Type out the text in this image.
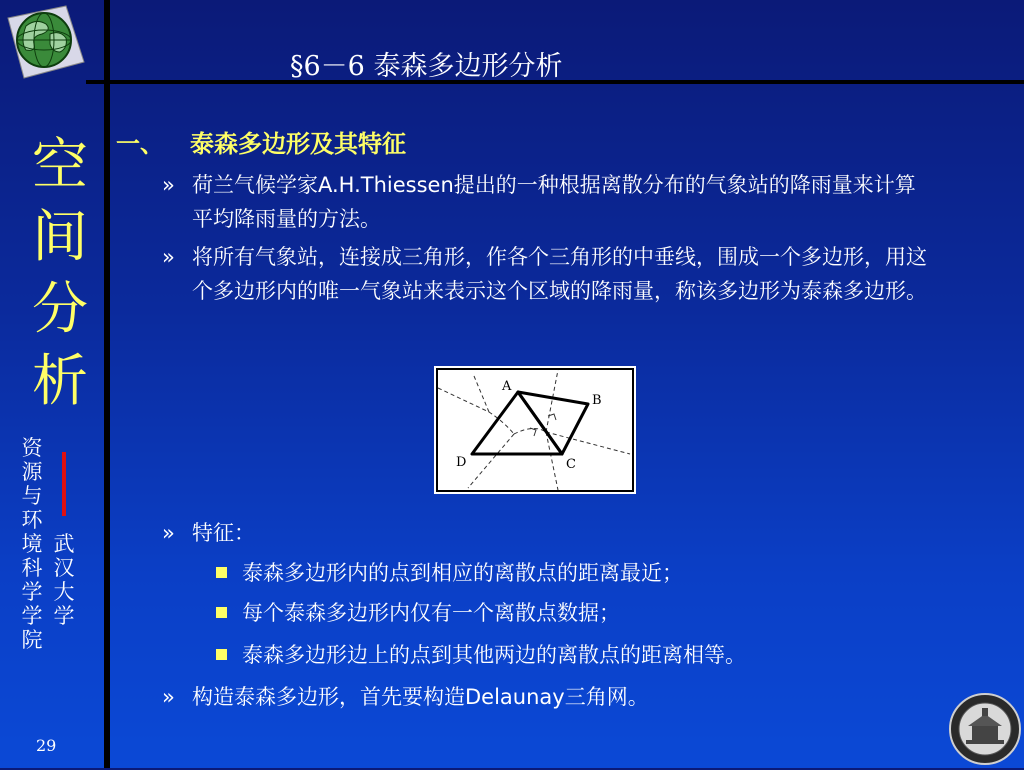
§6－6 泰森多边形分析
空
间
分
析
资
源
与
环
境
科
学
学
院
武
汉
大
学
29
一、 泰森多边形及其特征
» 荷兰气候学家A.H.Thiessen提出的一种根据离散分布的气象站的降雨量来计算平均降雨量的方法。
» 将所有气象站，连接成三角形，作各个三角形的中垂线，围成一个多边形，用这个多边形内的唯一气象站来表示这个区域的降雨量，称该多边形为泰森多边形。
A
B
C
D
» 特征：
泰森多边形内的点到相应的离散点的距离最近；
每个泰森多边形内仅有一个离散点数据；
泰森多边形边上的点到其他两边的离散点的距离相等。
» 构造泰森多边形，首先要构造Delaunay三角网。
